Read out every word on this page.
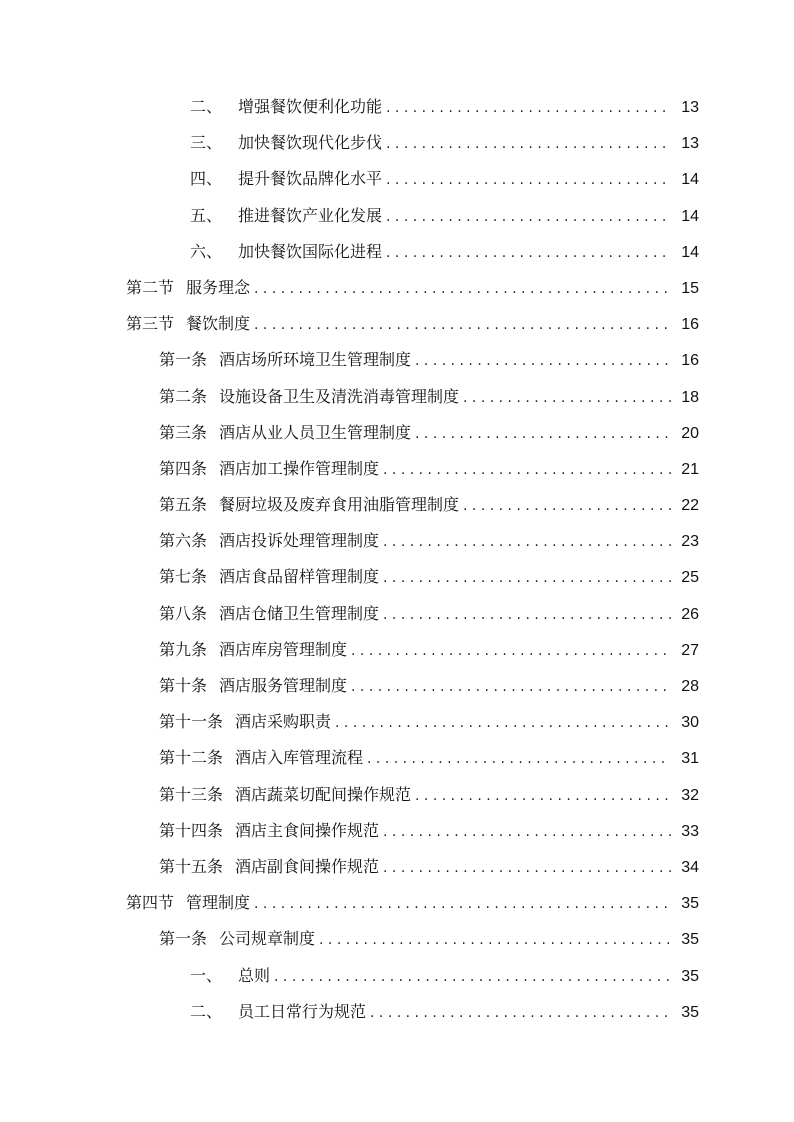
二、 增强餐饮便利化功能 . . .	13
三、 加快餐饮现代化步伐 . . .	13
四、 提升餐饮品牌化水平 . . .	14
五、 推进餐饮产业化发展 . . .	14
六、 加快餐饮国际化进程 . . .	14
第二节 服务理念 . . .	15
第三节 餐饮制度 . . .	16
第一条 酒店场所环境卫生管理制度 . . .	16
第二条 设施设备卫生及清洗消毒管理制度 . . .	18
第三条 酒店从业人员卫生管理制度 . . .	20
第四条 酒店加工操作管理制度 . . .	21
第五条 餐厨垃圾及废弃食用油脂管理制度 . . .	22
第六条 酒店投诉处理管理制度 . . .	23
第七条 酒店食品留样管理制度 . . .	25
第八条 酒店仓储卫生管理制度 . . .	26
第九条 酒店库房管理制度 . . .	27
第十条 酒店服务管理制度 . . .	28
第十一条 酒店采购职责 . . .	30
第十二条 酒店入库管理流程 . . .	31
第十三条 酒店蔬菜切配间操作规范 . . .	32
第十四条 酒店主食间操作规范 . . .	33
第十五条 酒店副食间操作规范 . . .	34
第四节 管理制度 . . .	35
第一条 公司规章制度 . . .	35
一、 总则 . . .	35
二、 员工日常行为规范 . . .	35
